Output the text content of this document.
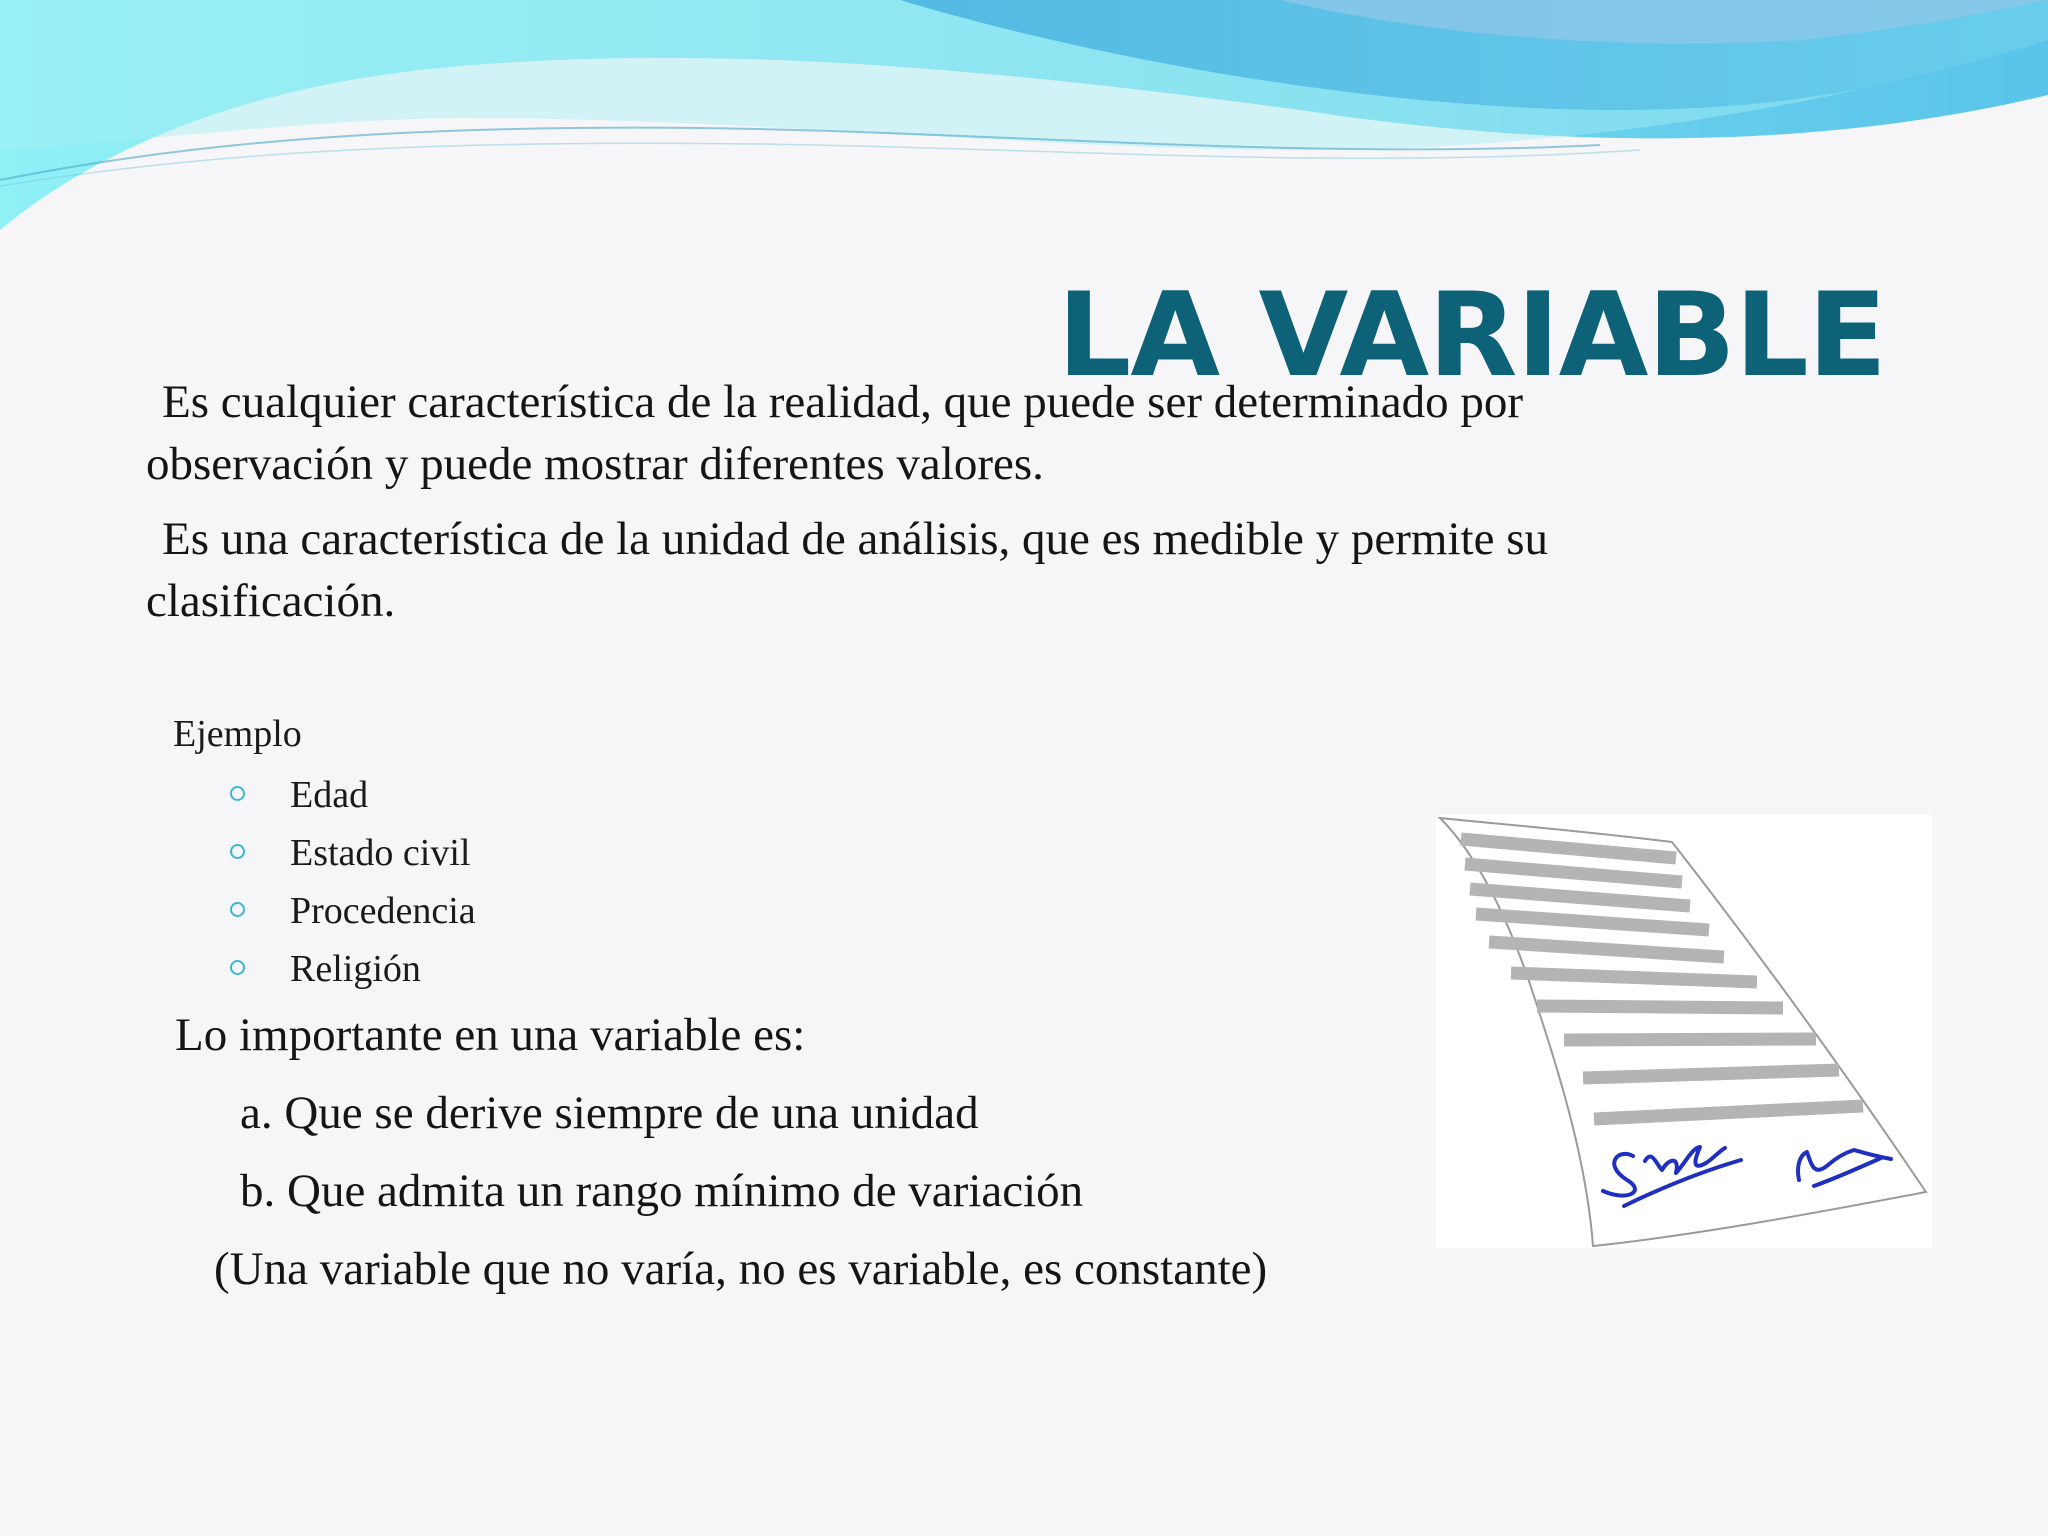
LA VARIABLE

Es cualquier característica de la realidad, que puede ser determinado por observación y puede mostrar diferentes valores.

Es una característica de la unidad de análisis, que es medible y permite su clasificación.

Ejemplo

Edad
Estado civil
Procedencia
Religión

Lo importante en una variable es:

a. Que se derive siempre de una unidad

b. Que admita un rango mínimo de variación

(Una variable que no varía, no es variable, es constante)
